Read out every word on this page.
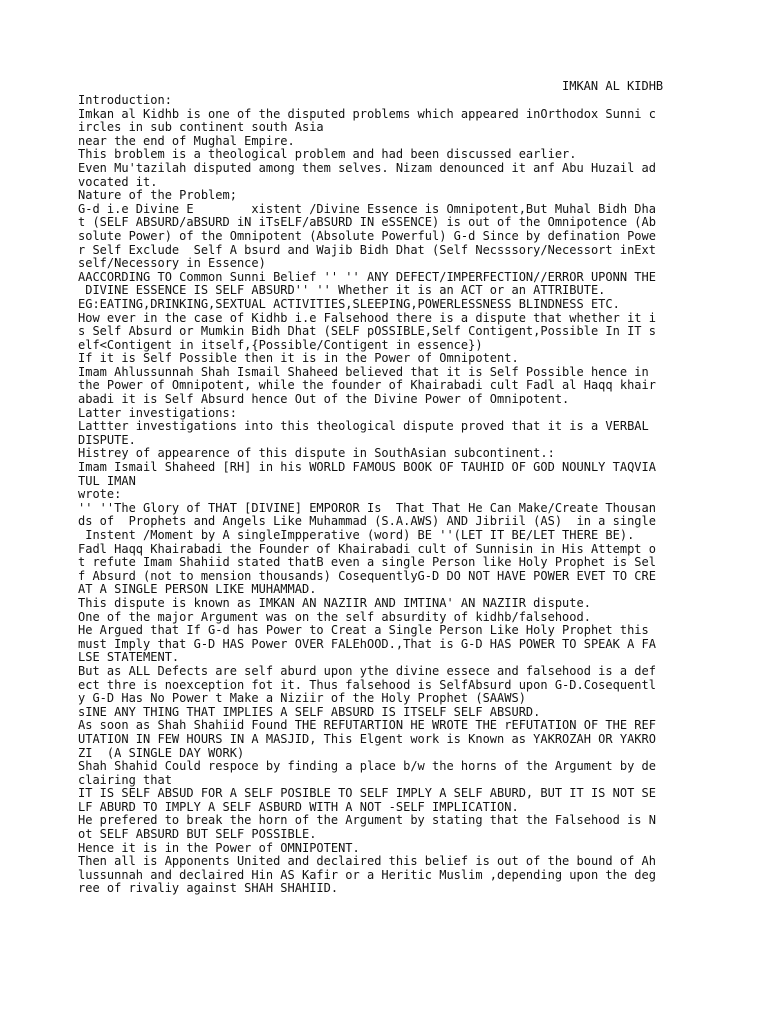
IMKAN AL KIDHB
Introduction:
Imkan al Kidhb is one of the disputed problems which appeared inOrthodox Sunni c
ircles in sub continent south Asia
near the end of Mughal Empire.
This broblem is a theological problem and had been discussed earlier.
Even Mu'tazilah disputed among them selves. Nizam denounced it anf Abu Huzail ad
vocated it.
Nature of the Problem;
G-d i.e Divine E        xistent /Divine Essence is Omnipotent,But Muhal Bidh Dha
t (SELF ABSURD/aBSURD iN iTsELF/aBSURD IN eSSENCE) is out of the Omnipotence (Ab
solute Power) of the Omnipotent (Absolute Powerful) G-d Since by defination Powe
r Self Exclude  Self A bsurd and Wajib Bidh Dhat (Self Necsssory/Necessort inExt
self/Necessory in Essence)
AACCORDING TO Common Sunni Belief '' '' ANY DEFECT/IMPERFECTION//ERROR UPONN THE
DIVINE ESSENCE IS SELF ABSURD'' '' Whether it is an ACT or an ATTRIBUTE.
EG:EATING,DRINKING,SEXTUAL ACTIVITIES,SLEEPING,POWERLESSNESS BLINDNESS ETC.
How ever in the case of Kidhb i.e Falsehood there is a dispute that whether it i
s Self Absurd or Mumkin Bidh Dhat (SELF pOSSIBLE,Self Contigent,Possible In IT s
elf<Contigent in itself,{Possible/Contigent in essence})
If it is Self Possible then it is in the Power of Omnipotent.
Imam Ahlussunnah Shah Ismail Shaheed believed that it is Self Possible hence in
the Power of Omnipotent, while the founder of Khairabadi cult Fadl al Haqq khair
abadi it is Self Absurd hence Out of the Divine Power of Omnipotent.
Latter investigations:
Lattter investigations into this theological dispute proved that it is a VERBAL
DISPUTE.
Histrey of appearence of this dispute in SouthAsian subcontinent.:
Imam Ismail Shaheed [RH] in his WORLD FAMOUS BOOK OF TAUHID OF GOD NOUNLY TAQVIA
TUL IMAN
wrote:
'' ''The Glory of THAT [DIVINE] EMPOROR Is  That That He Can Make/Create Thousan
ds of  Prophets and Angels Like Muhammad (S.A.AWS) AND Jibriil (AS)  in a single
Instent /Moment by A singleImpperative (word) BE ''(LET IT BE/LET THERE BE).
Fadl Haqq Khairabadi the Founder of Khairabadi cult of Sunnisin in His Attempt o
t refute Imam Shahiid stated thatB even a single Person like Holy Prophet is Sel
f Absurd (not to mension thousands) CosequentlyG-D DO NOT HAVE POWER EVET TO CRE
AT A SINGLE PERSON LIKE MUHAMMAD.
This dispute is known as IMKAN AN NAZIIR AND IMTINA' AN NAZIIR dispute.
One of the major Argument was on the self absurdity of kidhb/falsehood.
He Argued that If G-d has Power to Creat a Single Person Like Holy Prophet this
must Imply that G-D HAS Power OVER FALEhOOD.,That is G-D HAS POWER TO SPEAK A FA
LSE STATEMENT.
But as ALL Defects are self aburd upon ythe divine essece and falsehood is a def
ect thre is noexception fot it. Thus falsehood is SelfAbsurd upon G-D.Cosequentl
y G-D Has No Power t Make a Niziir of the Holy Prophet (SAAWS)
sINE ANY THING THAT IMPLIES A SELF ABSURD IS ITSELF SELF ABSURD.
As soon as Shah Shahiid Found THE REFUTARTION HE WROTE THE rEFUTATION OF THE REF
UTATION IN FEW HOURS IN A MASJID, This Elgent work is Known as YAKROZAH OR YAKRO
ZI  (A SINGLE DAY WORK)
Shah Shahid Could respoce by finding a place b/w the horns of the Argument by de
clairing that
IT IS SELF ABSUD FOR A SELF POSIBLE TO SELF IMPLY A SELF ABURD, BUT IT IS NOT SE
LF ABURD TO IMPLY A SELF ASBURD WITH A NOT -SELF IMPLICATION.
He prefered to break the horn of the Argument by stating that the Falsehood is N
ot SELF ABSURD BUT SELF POSSIBLE.
Hence it is in the Power of OMNIPOTENT.
Then all is Apponents United and declaired this belief is out of the bound of Ah
lussunnah and declaired Hin AS Kafir or a Heritic Muslim ,depending upon the deg
ree of rivaliy against SHAH SHAHIID.
